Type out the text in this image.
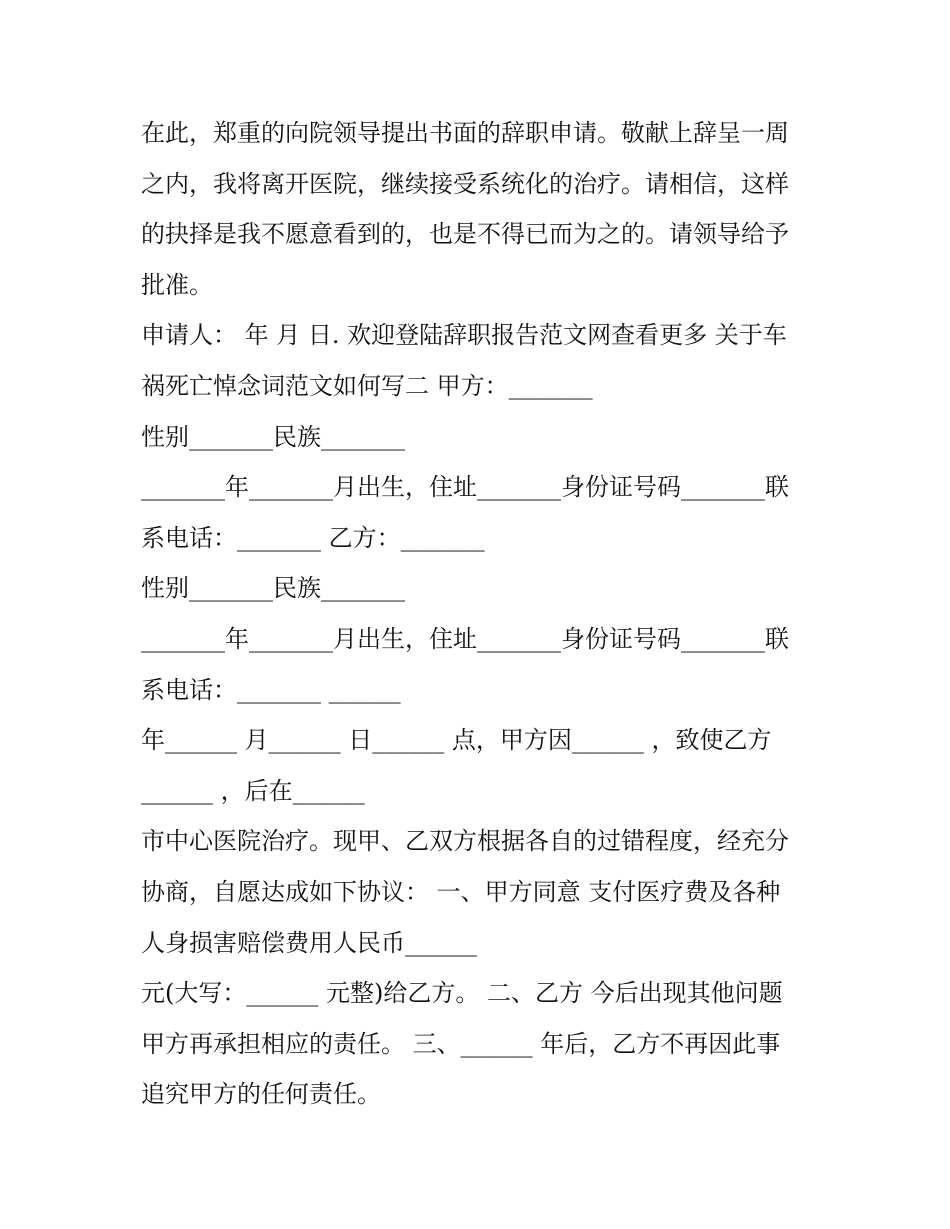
在此，郑重的向院领导提出书面的辞职申请。敬献上辞呈一周
之内，我将离开医院，继续接受系统化的治疗。请相信，这样
的抉择是我不愿意看到的，也是不得已而为之的。请领导给予
批准。
申请人： 年 月 日. 欢迎登陆辞职报告范文网查看更多 关于车
祸死亡悼念词范文如何写二 甲方：_______
性别_______民族_______
_______年_______月出生，住址_______身份证号码_______联
系电话：_______ 乙方：_______
性别_______民族_______
_______年_______月出生，住址_______身份证号码_______联
系电话：_______ ______
年______ 月______ 日______ 点，甲方因______ ，致使乙方
______ ，后在______
市中心医院治疗。现甲、乙双方根据各自的过错程度，经充分
协商，自愿达成如下协议： 一、甲方同意 支付医疗费及各种
人身损害赔偿费用人民币______
元(大写：______ 元整)给乙方。 二、乙方 今后出现其他问题
甲方再承担相应的责任。 三、______ 年后，乙方不再因此事
追究甲方的任何责任。
